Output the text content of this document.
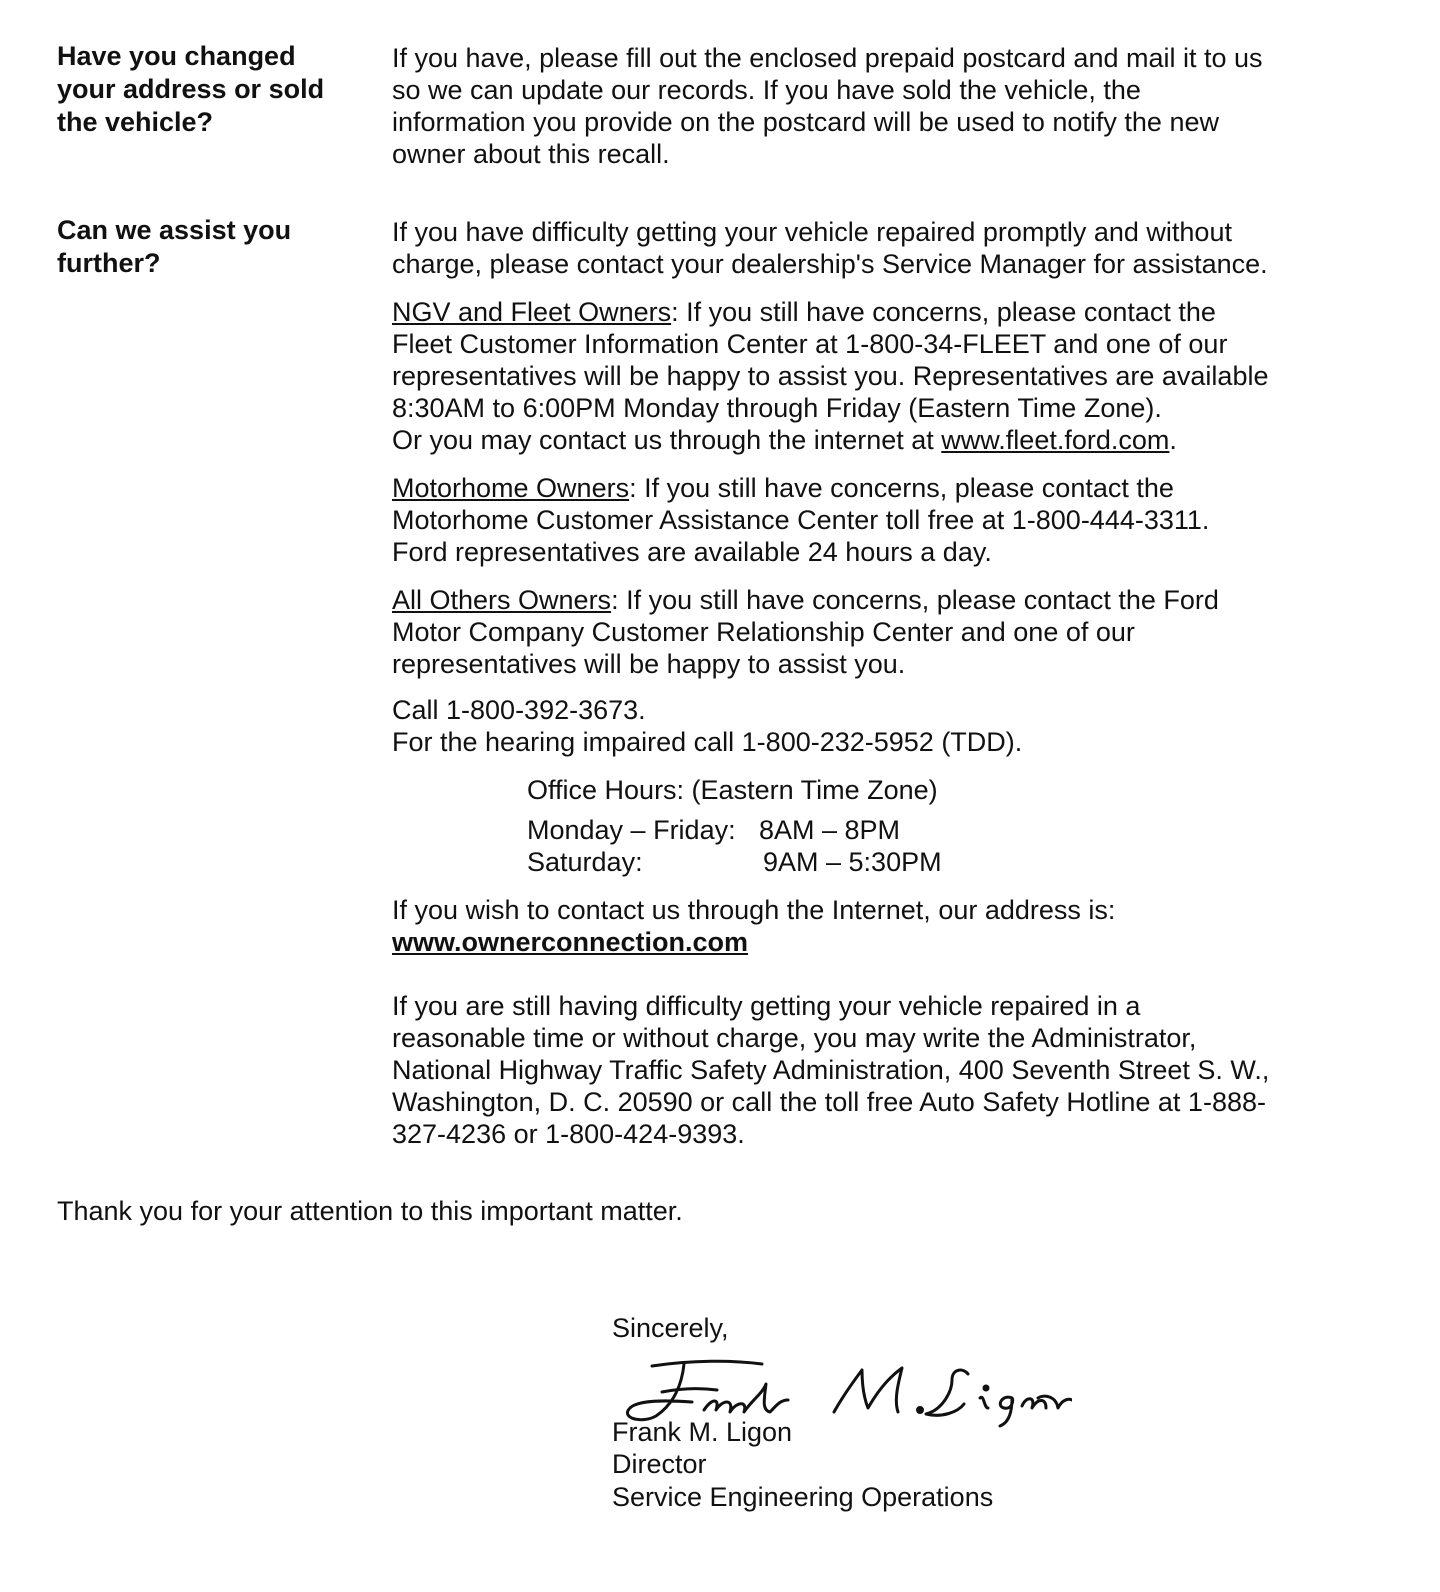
Have you changed
your address or sold
the vehicle?
If you have, please fill out the enclosed prepaid postcard and mail it to us
so we can update our records. If you have sold the vehicle, the
information you provide on the postcard will be used to notify the new
owner about this recall.
Can we assist you
further?
If you have difficulty getting your vehicle repaired promptly and without
charge, please contact your dealership's Service Manager for assistance.
NGV and Fleet Owners: If you still have concerns, please contact the
Fleet Customer Information Center at 1-800-34-FLEET and one of our
representatives will be happy to assist you. Representatives are available
8:30AM to 6:00PM Monday through Friday (Eastern Time Zone).
Or you may contact us through the internet at www.fleet.ford.com.
Motorhome Owners: If you still have concerns, please contact the
Motorhome Customer Assistance Center toll free at 1-800-444-3311.
Ford representatives are available 24 hours a day.
All Others Owners: If you still have concerns, please contact the Ford
Motor Company Customer Relationship Center and one of our
representatives will be happy to assist you.
Call 1-800-392-3673.
For the hearing impaired call 1-800-232-5952 (TDD).
Office Hours: (Eastern Time Zone)
Monday – Friday: 8AM – 8PM
Saturday:	9AM – 5:30PM
If you wish to contact us through the Internet, our address is:
www.ownerconnection.com
If you are still having difficulty getting your vehicle repaired in a
reasonable time or without charge, you may write the Administrator,
National Highway Traffic Safety Administration, 400 Seventh Street S. W.,
Washington, D. C. 20590 or call the toll free Auto Safety Hotline at 1-888-
327-4236 or 1-800-424-9393.
Thank you for your attention to this important matter.
Sincerely,
Frank M. Ligon
Director
Service Engineering Operations
